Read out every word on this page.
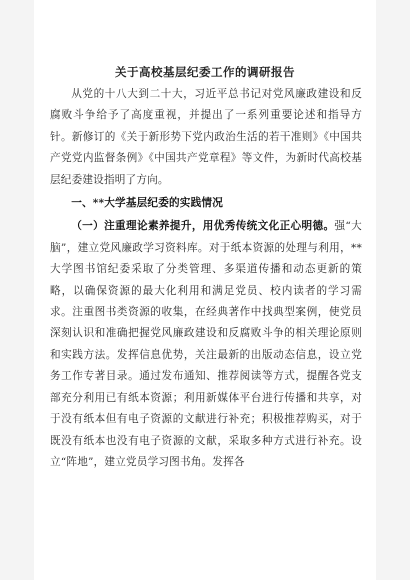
关于高校基层纪委工作的调研报告

从党的十八大到二十大，习近平总书记对党风廉政建设和反腐败斗争给予了高度重视，并提出了一系列重要论述和指导方针。新修订的《关于新形势下党内政治生活的若干准则》《中国共产党党内监督条例》《中国共产党章程》等文件，为新时代高校基层纪委建设指明了方向。

一、**大学基层纪委的实践情况

（一）注重理论素养提升，用优秀传统文化正心明德。强“大脑”，建立党风廉政学习资料库。对于纸本资源的处理与利用，**大学图书馆纪委采取了分类管理、多渠道传播和动态更新的策略，以确保资源的最大化利用和满足党员、校内读者的学习需求。注重图书类资源的收集，在经典著作中找典型案例，使党员深刻认识和准确把握党风廉政建设和反腐败斗争的相关理论原则和实践方法。发挥信息优势，关注最新的出版动态信息，设立党务工作专著目录。通过发布通知、推荐阅读等方式，提醒各党支部充分利用已有纸本资源；利用新媒体平台进行传播和共享，对于没有纸本但有电子资源的文献进行补充；积极推荐购买，对于既没有纸本也没有电子资源的文献，采取多种方式进行补充。设立“阵地”，建立党员学习图书角。发挥各
